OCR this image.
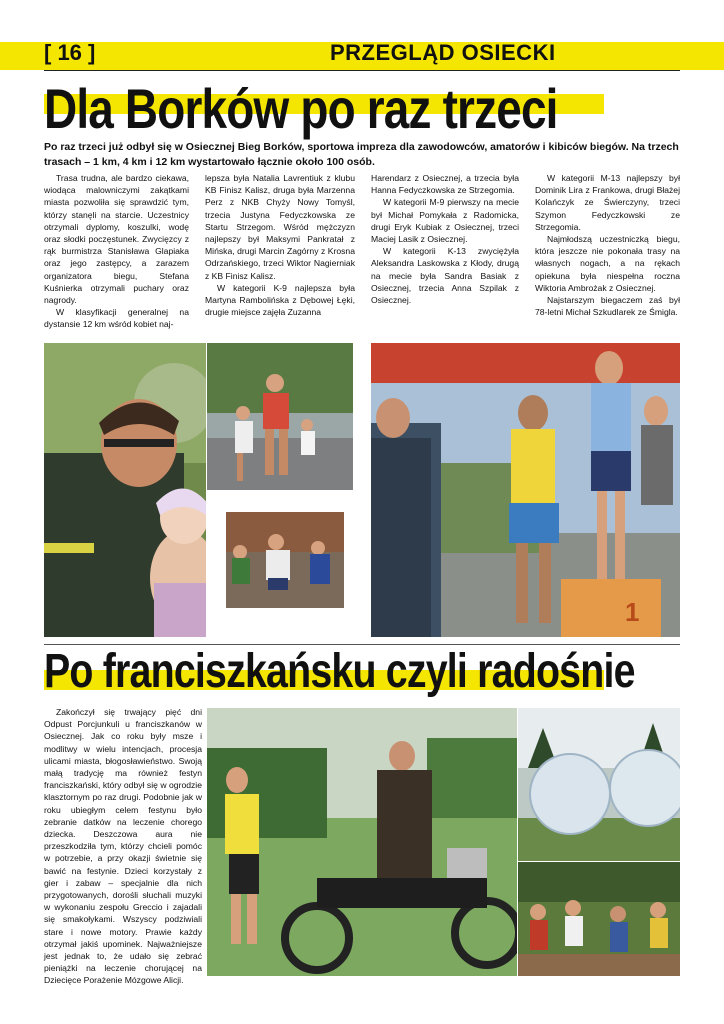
[ 16 ]	PRZEGLĄD OSIECKI
Dla Borków po raz trzeci
Po raz trzeci już odbył się w Osiecznej Bieg Borków, sportowa impreza dla zawodowców, amatorów i kibiców biegów. Na trzech trasach – 1 km, 4 km i 12 km wystartowało łącznie około 100 osób.

Trasa trudna, ale bardzo ciekawa, wiodąca malowniczymi zakątkami miasta pozwoliła się sprawdzić tym, którzy stanęli na starcie. Uczestnicy otrzymali dyplomy, koszulki, wodę oraz słodki poczęstunek. Zwycięzcy z rąk burmistrza Stanisława Glapiaka oraz jego zastępcy, a zarazem organizatora biegu, Stefana Kuśnierka otrzymali puchary oraz nagrody.

W klasyfikacji generalnej na dystansie 12 km wśród kobiet naj-

lepsza była Natalia Lavrentiuk z klubu KB Finisz Kalisz, druga była Marzenna Perz z NKB Chyży Nowy Tomyśl, trzecia Justyna Fedyczkowska ze Startu Strzegom. Wśród mężczyzn najlepszy był Maksymi Pankratał z Mińska, drugi Marcin Zagórny z Krosna Odrzańskiego, trzeci Wiktor Nagierniak z KB Finisz Kalisz.

W kategorii K-9 najlepsza była Martyna Rambolińska z Dębowej Łęki, drugie miejsce zajęła Zuzanna

Harendarz z Osiecznej, a trzecia była Hanna Fedyczkowska ze Strzegomia.

W kategorii M-9 pierwszy na mecie był Michał Pomykała z Radomicka, drugi Eryk Kubiak z Osiecznej, trzeci Maciej Lasik z Osiecznej.

W kategorii K-13 zwyciężyła Aleksandra Laskowska z Kłody, drugą na mecie była Sandra Basiak z Osiecznej, trzecia Anna Szpilak z Osiecznej.

W kategorii M-13 najlepszy był Dominik Lira z Frankowa, drugi Błażej Kolańczyk ze Świerczyny, trzeci Szymon Fedyczkowski ze Strzegomia.

Najmłodszą uczestniczką biegu, która jeszcze nie pokonała trasy na własnych nogach, a na rękach opiekuna była niespełna roczna Wiktoria Ambrożak z Osiecznej.

Najstarszym biegaczem zaś był 78-letni Michał Szkudlarek ze Śmigla.

1
Po franciszkańsku czyli radośnie

Zakończył się trwający pięć dni Odpust Porcjunkuli u franciszkanów w Osiecznej. Jak co roku były msze i modlitwy w wielu intencjach, procesja ulicami miasta, błogosławieństwo. Swoją małą tradycję ma również festyn franciszkański, który odbył się w ogrodzie klasztornym po raz drugi. Podobnie jak w roku ubiegłym celem festynu było zebranie datków na leczenie chorego dziecka. Deszczowa aura nie przeszkodziła tym, którzy chcieli pomóc w potrzebie, a przy okazji świetnie się bawić na festynie. Dzieci korzystały z gier i zabaw – specjalnie dla nich przygotowanych, dorośli słuchali muzyki w wykonaniu zespołu Greccio i zajadali się smakołykami. Wszyscy podziwiali stare i nowe motory. Prawie każdy otrzymał jakiś upominek. Najważniejsze jest jednak to, że udało się zebrać pieniążki na leczenie chorującej na Dziecięce Porażenie Mózgowe Alicji.
